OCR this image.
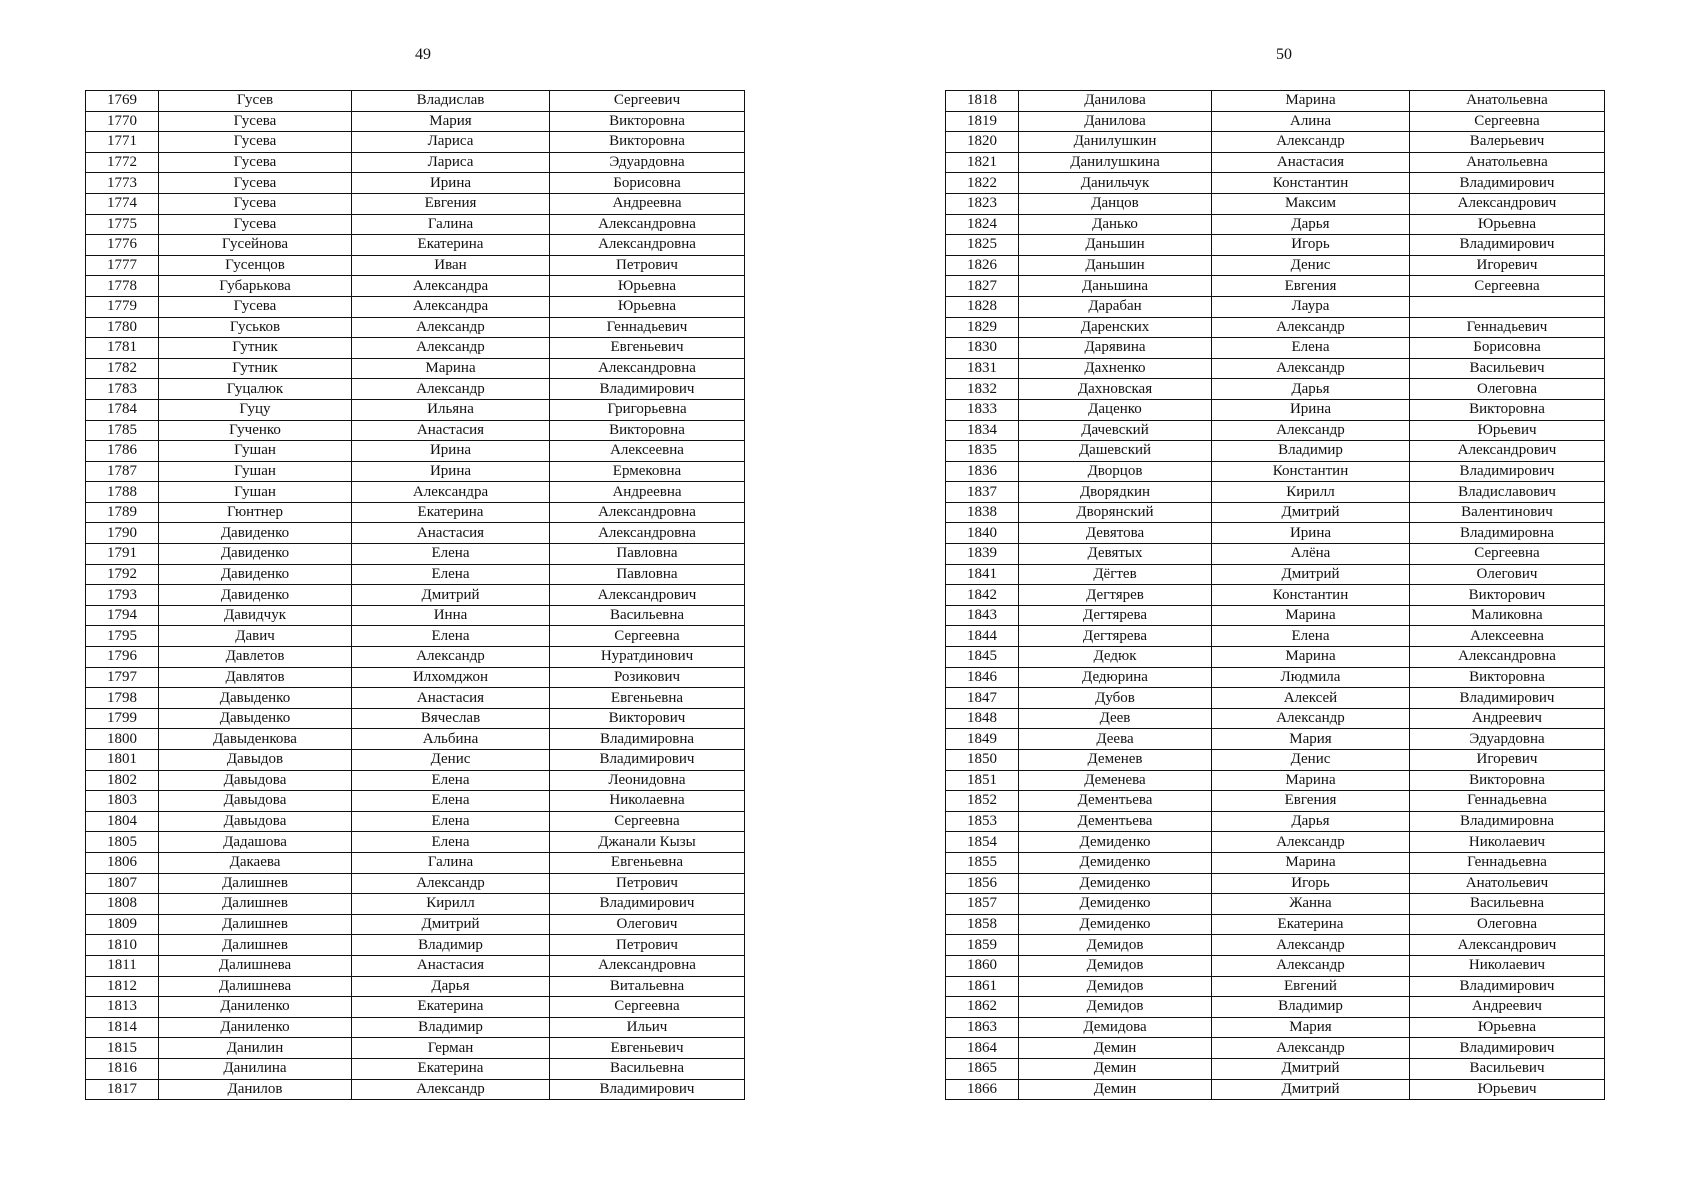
49	50
1769	Гусев	Владислав	Сергеевич
1770	Гусева	Мария	Викторовна
1771	Гусева	Лариса	Викторовна
1772	Гусева	Лариса	Эдуардовна
1773	Гусева	Ирина	Борисовна
1774	Гусева	Евгения	Андреевна
1775	Гусева	Галина	Александровна
1776	Гусейнова	Екатерина	Александровна
1777	Гусенцов	Иван	Петрович
1778	Губарькова	Александра	Юрьевна
1779	Гусева	Александра	Юрьевна
1780	Гуськов	Александр	Геннадьевич
1781	Гутник	Александр	Евгеньевич
1782	Гутник	Марина	Александровна
1783	Гуцалюк	Александр	Владимирович
1784	Гуцу	Ильяна	Григорьевна
1785	Гученко	Анастасия	Викторовна
1786	Гушан	Ирина	Алексеевна
1787	Гушан	Ирина	Ермековна
1788	Гушан	Александра	Андреевна
1789	Гюнтнер	Екатерина	Александровна
1790	Давиденко	Анастасия	Александровна
1791	Давиденко	Елена	Павловна
1792	Давиденко	Елена	Павловна
1793	Давиденко	Дмитрий	Александрович
1794	Давидчук	Инна	Васильевна
1795	Давич	Елена	Сергеевна
1796	Давлетов	Александр	Нуратдинович
1797	Давлятов	Илхомджон	Розикович
1798	Давыденко	Анастасия	Евгеньевна
1799	Давыденко	Вячеслав	Викторович
1800	Давыденкова	Альбина	Владимировна
1801	Давыдов	Денис	Владимирович
1802	Давыдова	Елена	Леонидовна
1803	Давыдова	Елена	Николаевна
1804	Давыдова	Елена	Сергеевна
1805	Дадашова	Елена	Джанали Кызы
1806	Дакаева	Галина	Евгеньевна
1807	Далишнев	Александр	Петрович
1808	Далишнев	Кирилл	Владимирович
1809	Далишнев	Дмитрий	Олегович
1810	Далишнев	Владимир	Петрович
1811	Далишнева	Анастасия	Александровна
1812	Далишнева	Дарья	Витальевна
1813	Даниленко	Екатерина	Сергеевна
1814	Даниленко	Владимир	Ильич
1815	Данилин	Герман	Евгеньевич
1816	Данилина	Екатерина	Васильевна
1817	Данилов	Александр	Владимирович
1818	Данилова	Марина	Анатольевна
1819	Данилова	Алина	Сергеевна
1820	Данилушкин	Александр	Валерьевич
1821	Данилушкина	Анастасия	Анатольевна
1822	Данильчук	Константин	Владимирович
1823	Данцов	Максим	Александрович
1824	Данько	Дарья	Юрьевна
1825	Даньшин	Игорь	Владимирович
1826	Даньшин	Денис	Игоревич
1827	Даньшина	Евгения	Сергеевна
1828	Дарабан	Лаура	
1829	Даренских	Александр	Геннадьевич
1830	Дарявина	Елена	Борисовна
1831	Дахненко	Александр	Васильевич
1832	Дахновская	Дарья	Олеговна
1833	Даценко	Ирина	Викторовна
1834	Дачевский	Александр	Юрьевич
1835	Дашевский	Владимир	Александрович
1836	Дворцов	Константин	Владимирович
1837	Дворядкин	Кирилл	Владиславович
1838	Дворянский	Дмитрий	Валентинович
1840	Девятова	Ирина	Владимировна
1839	Девятых	Алёна	Сергеевна
1841	Дёгтев	Дмитрий	Олегович
1842	Дегтярев	Константин	Викторович
1843	Дегтярева	Марина	Маликовна
1844	Дегтярева	Елена	Алексеевна
1845	Дедюк	Марина	Александровна
1846	Дедюрина	Людмила	Викторовна
1847	Дубов	Алексей	Владимирович
1848	Деев	Александр	Андреевич
1849	Деева	Мария	Эдуардовна
1850	Деменев	Денис	Игоревич
1851	Деменева	Марина	Викторовна
1852	Дементьева	Евгения	Геннадьевна
1853	Дементьева	Дарья	Владимировна
1854	Демиденко	Александр	Николаевич
1855	Демиденко	Марина	Геннадьевна
1856	Демиденко	Игорь	Анатольевич
1857	Демиденко	Жанна	Васильевна
1858	Демиденко	Екатерина	Олеговна
1859	Демидов	Александр	Александрович
1860	Демидов	Александр	Николаевич
1861	Демидов	Евгений	Владимирович
1862	Демидов	Владимир	Андреевич
1863	Демидова	Мария	Юрьевна
1864	Демин	Александр	Владимирович
1865	Демин	Дмитрий	Васильевич
1866	Демин	Дмитрий	Юрьевич
